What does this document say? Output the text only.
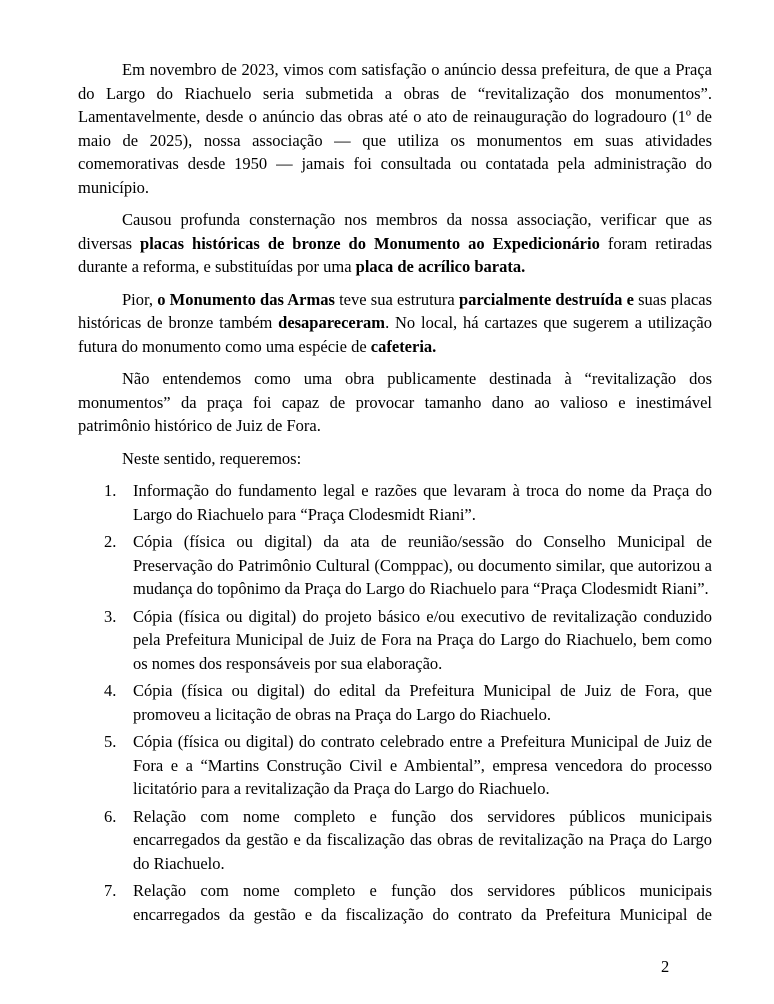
Em novembro de 2023, vimos com satisfação o anúncio dessa prefeitura, de que a Praça do Largo do Riachuelo seria submetida a obras de “revitalização dos monumentos”. Lamentavelmente, desde o anúncio das obras até o ato de reinauguração do logradouro (1º de maio de 2025), nossa associação — que utiliza os monumentos em suas atividades comemorativas desde 1950 — jamais foi consultada ou contatada pela administração do município.

Causou profunda consternação nos membros da nossa associação, verificar que as diversas placas históricas de bronze do Monumento ao Expedicionário foram retiradas durante a reforma, e substituídas por uma placa de acrílico barata.

Pior, o Monumento das Armas teve sua estrutura parcialmente destruída e suas placas históricas de bronze também desapareceram. No local, há cartazes que sugerem a utilização futura do monumento como uma espécie de cafeteria.

Não entendemos como uma obra publicamente destinada à “revitalização dos monumentos” da praça foi capaz de provocar tamanho dano ao valioso e inestimável patrimônio histórico de Juiz de Fora.

Neste sentido, requeremos:

1.	Informação do fundamento legal e razões que levaram à troca do nome da Praça do Largo do Riachuelo para “Praça Clodesmidt Riani”.
2.	Cópia (física ou digital) da ata de reunião/sessão do Conselho Municipal de Preservação do Patrimônio Cultural (Comppac), ou documento similar, que autorizou a mudança do topônimo da Praça do Largo do Riachuelo para “Praça Clodesmidt Riani”.
3.	Cópia (física ou digital) do projeto básico e/ou executivo de revitalização conduzido pela Prefeitura Municipal de Juiz de Fora na Praça do Largo do Riachuelo, bem como os nomes dos responsáveis por sua elaboração.
4.	Cópia (física ou digital) do edital da Prefeitura Municipal de Juiz de Fora, que promoveu a licitação de obras na Praça do Largo do Riachuelo.
5.	Cópia (física ou digital) do contrato celebrado entre a Prefeitura Municipal de Juiz de Fora e a “Martins Construção Civil e Ambiental”, empresa vencedora do processo licitatório para a revitalização da Praça do Largo do Riachuelo.
6.	Relação com nome completo e função dos servidores públicos municipais encarregados da gestão e da fiscalização das obras de revitalização na Praça do Largo do Riachuelo.
7.	Relação com nome completo e função dos servidores públicos municipais encarregados da gestão e da fiscalização do contrato da Prefeitura Municipal de
2
